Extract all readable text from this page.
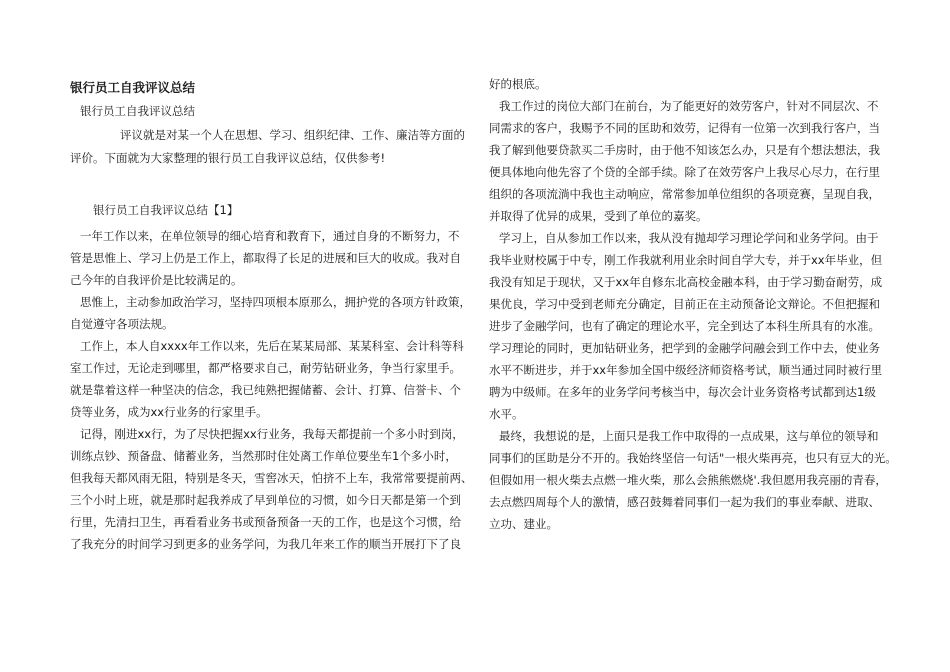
银行员工自我评议总结
银行员工自我评议总结
评议就是对某一个人在思想、学习、组织纪律、工作、廉洁等方面的
评价。下面就为大家整理的银行员工自我评议总结，仅供参考!
银行员工自我评议总结【1】

一年工作以来，在单位领导的细心培育和教育下，通过自身的不断努力，不

管是思惟上、学习上仍是工作上，都取得了长足的进展和巨大的收成。我对自

己今年的自我评价是比较满足的。

思惟上，主动参加政治学习，坚持四项根本原那么，拥护党的各项方针政策，

自觉遵守各项法规。

工作上，本人自xxxx年工作以来，先后在某某局部、某某科室、会计科等科

室工作过，无论走到哪里，都严格要求自己，耐劳钻研业务，争当行家里手。

就是靠着这样一种坚决的信念，我已纯熟把握储蓄、会计、打算、信誉卡、个

贷等业务，成为xx行业务的行家里手。

记得，刚进xx行，为了尽快把握xx行业务，我每天都提前一个多小时到岗，

训练点钞、预备盘、储蓄业务，当然那时住处离工作单位要坐车1个多小时，

但我每天都风雨无阻，特别是冬天，雪窖冰天，怕挤不上车，我常常要提前两、

三个小时上班，就是那时起我养成了早到单位的习惯，如今日天都是第一个到

行里，先清扫卫生，再看看业务书或预备预备一天的工作，也是这个习惯，给

了我充分的时间学习到更多的业务学问，为我几年来工作的顺当开展打下了良

好的根底。

我工作过的岗位大部门在前台，为了能更好的效劳客户，针对不同层次、不

同需求的客户，我赐予不同的匡助和效劳，记得有一位第一次到我行客户，当

我了解到他要贷款买二手房时，由于他不知该怎么办，只是有个想法想法，我

便具体地向他先容了个贷的全部手续。除了在效劳客户上我尽心尽力，在行里

组织的各项流淌中我也主动响应，常常参加单位组织的各项竞赛，呈现自我，

并取得了优异的成果，受到了单位的嘉奖。

学习上，自从参加工作以来，我从没有抛却学习理论学问和业务学问。由于

我毕业财校属于中专，刚工作我就利用业余时间自学大专，并于xx年毕业，但

我没有知足于现状，又于xx年自修东北高校金融本科，由于学习勤奋耐劳，成

果优良，学习中受到老师充分确定，目前正在主动预备论文辩论。不但把握和

进步了金融学问，也有了确定的理论水平，完全到达了本科生所具有的水准。

学习理论的同时，更加钻研业务，把学到的金融学问融会到工作中去，使业务

水平不断进步，并于xx年参加全国中级经济师资格考试，顺当通过同时被行里

聘为中级师。在多年的业务学问考核当中，每次会计业务资格考试都到达1级

水平。

最终，我想说的是，上面只是我工作中取得的一点成果，这与单位的领导和

同事们的匡助是分不开的。我始终坚信一句话"一根火柴再亮，也只有豆大的光。

但假如用一根火柴去点燃一堆火柴，那么会熊熊燃烧'.我但愿用我亮丽的青春，

去点燃四周每个人的激情，感召鼓舞着同事们一起为我们的事业奉献、进取、

立功、建业。
